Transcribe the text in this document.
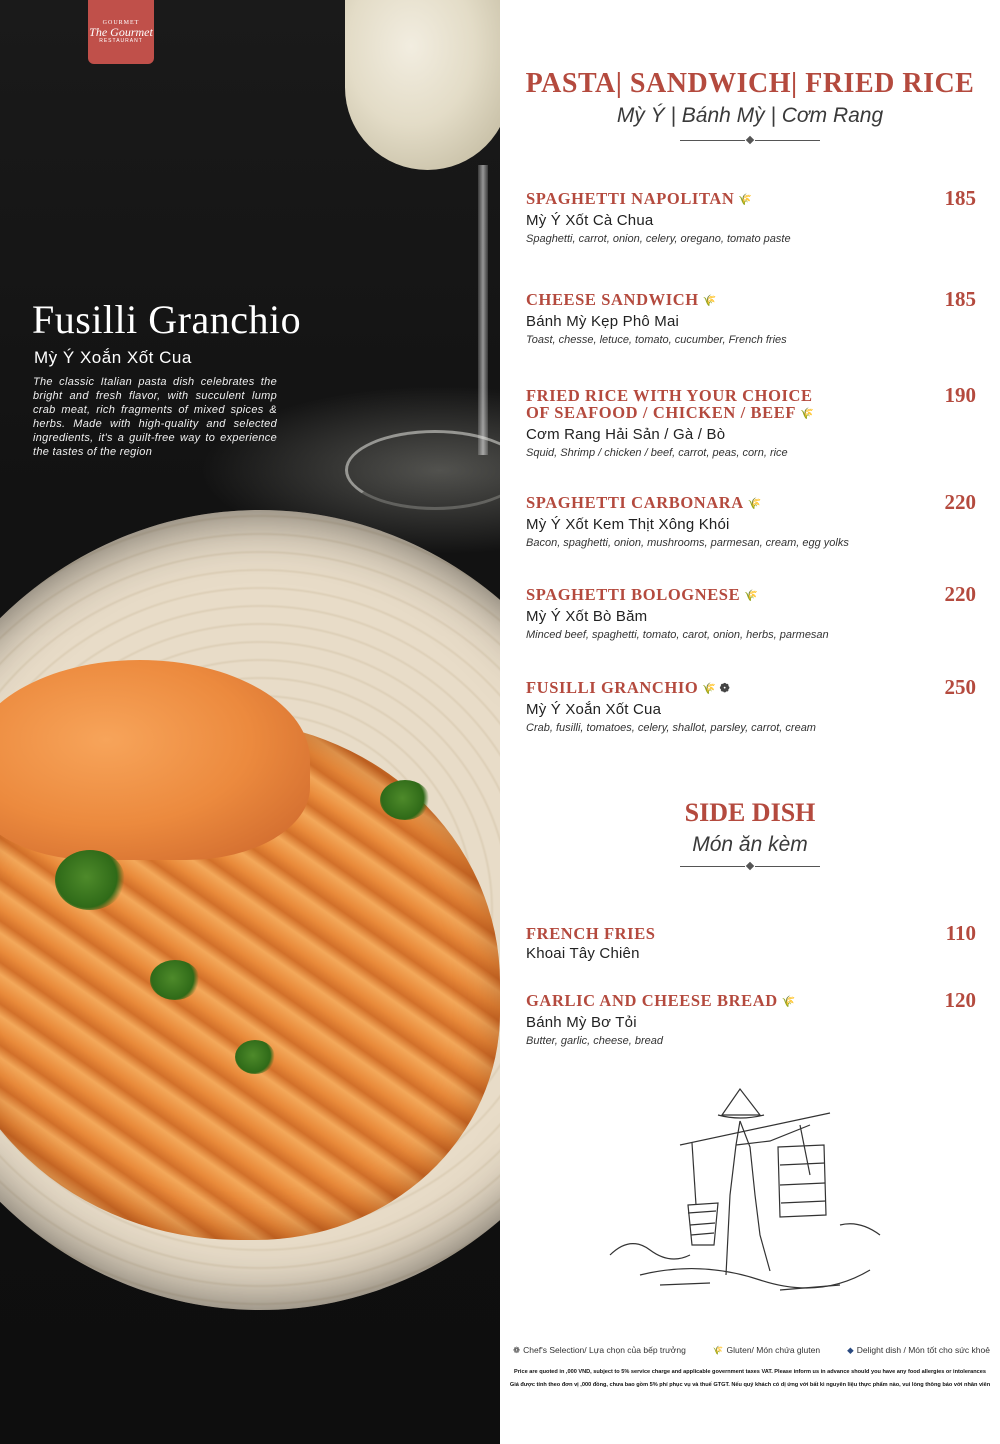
GOURMET
The Gourmet
RESTAURANT
Fusilli Granchio
Mỳ Ý Xoắn Xốt Cua

The classic Italian pasta dish celebrates the bright and fresh flavor, with succulent lump crab meat, rich fragments of mixed spices & herbs. Made with high-quality and selected ingredients, it's a guilt-free way to experience the tastes of the region

PASTA| SANDWICH| FRIED RICE
Mỳ Ý | Bánh Mỳ | Cơm Rang
SPAGHETTI NAPOLITAN 🌾	185
Mỳ Ý Xốt Cà Chua
Spaghetti, carrot, onion, celery, oregano, tomato paste
CHEESE SANDWICH 🌾	185
Bánh Mỳ Kẹp Phô Mai
Toast, chesse, letuce, tomato, cucumber, French fries
FRIED RICE WITH YOUR CHOICE OF SEAFOOD / CHICKEN / BEEF 🌾
190
Cơm Rang Hải Sản / Gà / Bò
Squid, Shrimp / chicken / beef, carrot, peas, corn, rice
SPAGHETTI CARBONARA 🌾	220
Mỳ Ý Xốt Kem Thịt Xông Khói
Bacon, spaghetti, onion, mushrooms, parmesan, cream, egg yolks
SPAGHETTI BOLOGNESE 🌾	220
Mỳ Ý Xốt Bò Băm
Minced beef, spaghetti, tomato, carot, onion, herbs, parmesan
FUSILLI GRANCHIO 🌾 ❁	250
Mỳ Ý Xoắn Xốt Cua
Crab, fusilli, tomatoes, celery, shallot, parsley, carrot, cream
SIDE DISH
Món ăn kèm
FRENCH FRIES	110
Khoai Tây Chiên
GARLIC AND CHEESE BREAD 🌾	120
Bánh Mỳ Bơ Tỏi
Butter, garlic, cheese, bread
❁ Chef's Selection/ Lựa chọn của bếp trưởng	🌾 Gluten/ Món chứa gluten	◆ Delight dish / Món tốt cho sức khoẻ
Price are quoted in ,000 VND, subject to 5% service charge and applicable government taxes VAT. Please inform us in advance should you have any food allergies or intolerances
Giá được tính theo đơn vị ,000 đồng, chưa bao gồm 5% phí phục vụ và thuế GTGT. Nếu quý khách có dị ứng với bất kì nguyên liệu thực phẩm nào, vui lòng thông báo với nhân viên
